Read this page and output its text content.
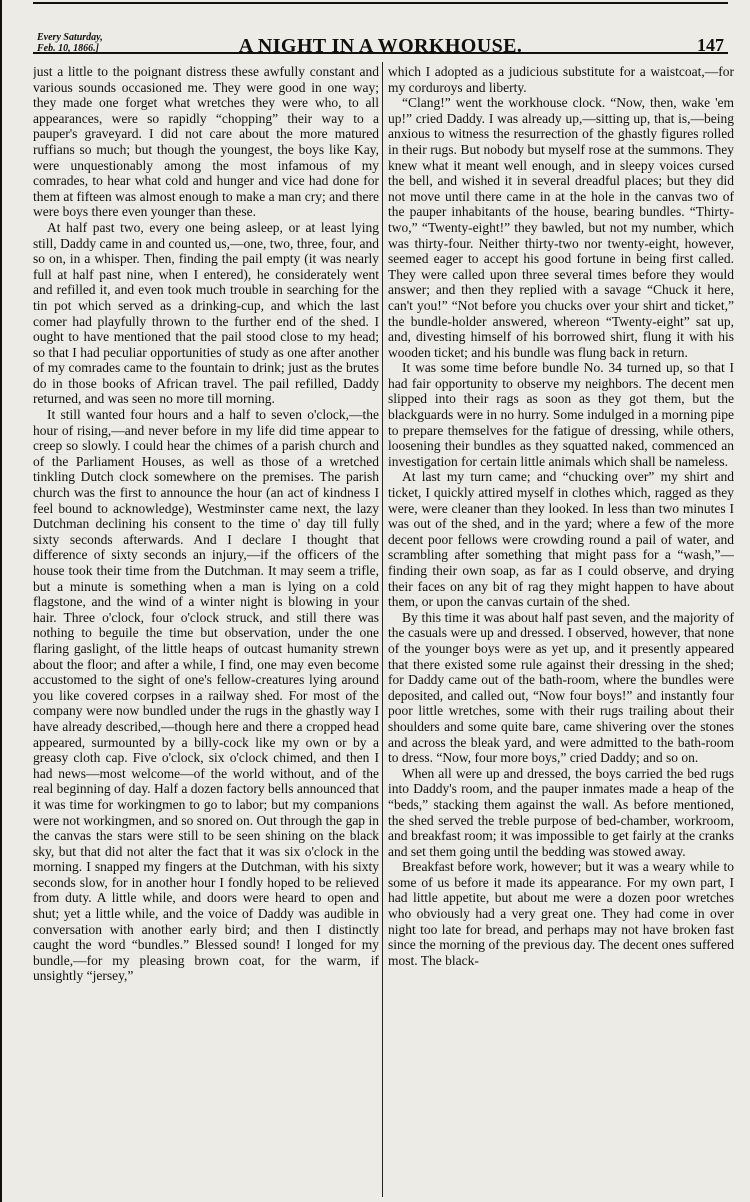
Every Saturday,
Feb. 10, 1866.]	A NIGHT IN A WORKHOUSE.	147

just a little to the poignant distress these awfully constant and various sounds occasioned me. They were good in one way; they made one forget what wretches they were who, to all appearances, were so rapidly “chopping” their way to a pauper's graveyard. I did not care about the more matured ruffians so much; but though the youngest, the boys like Kay, were unquestionably among the most infamous of my comrades, to hear what cold and hunger and vice had done for them at fifteen was almost enough to make a man cry; and there were boys there even younger than these.

At half past two, every one being asleep, or at least lying still, Daddy came in and counted us,—one, two, three, four, and so on, in a whisper. Then, finding the pail empty (it was nearly full at half past nine, when I entered), he considerately went and refilled it, and even took much trouble in searching for the tin pot which served as a drinking-cup, and which the last comer had playfully thrown to the further end of the shed. I ought to have mentioned that the pail stood close to my head; so that I had peculiar opportunities of study as one after another of my comrades came to the fountain to drink; just as the brutes do in those books of African travel. The pail refilled, Daddy returned, and was seen no more till morning.

It still wanted four hours and a half to seven o'clock,—the hour of rising,—and never before in my life did time appear to creep so slowly. I could hear the chimes of a parish church and of the Parliament Houses, as well as those of a wretched tinkling Dutch clock somewhere on the premises. The parish church was the first to announce the hour (an act of kindness I feel bound to acknowledge), Westminster came next, the lazy Dutchman declining his consent to the time o' day till fully sixty seconds afterwards. And I declare I thought that difference of sixty seconds an injury,—if the officers of the house took their time from the Dutchman. It may seem a trifle, but a minute is something when a man is lying on a cold flagstone, and the wind of a winter night is blowing in your hair. Three o'clock, four o'clock struck, and still there was nothing to beguile the time but observation, under the one flaring gaslight, of the little heaps of outcast humanity strewn about the floor; and after a while, I find, one may even become accustomed to the sight of one's fellow-creatures lying around you like covered corpses in a railway shed. For most of the company were now bundled under the rugs in the ghastly way I have already described,—though here and there a cropped head appeared, surmounted by a billy-cock like my own or by a greasy cloth cap. Five o'clock, six o'clock chimed, and then I had news—most welcome—of the world without, and of the real beginning of day. Half a dozen factory bells announced that it was time for workingmen to go to labor; but my companions were not workingmen, and so snored on. Out through the gap in the canvas the stars were still to be seen shining on the black sky, but that did not alter the fact that it was six o'clock in the morning. I snapped my fingers at the Dutchman, with his sixty seconds slow, for in another hour I fondly hoped to be relieved from duty. A little while, and doors were heard to open and shut; yet a little while, and the voice of Daddy was audible in conversation with another early bird; and then I distinctly caught the word “bundles.” Blessed sound! I longed for my bundle,—for my pleasing brown coat, for the warm, if unsightly “jersey,”

which I adopted as a judicious substitute for a waistcoat,—for my corduroys and liberty.

“Clang!” went the workhouse clock. “Now, then, wake 'em up!” cried Daddy. I was already up,—sitting up, that is,—being anxious to witness the resurrection of the ghastly figures rolled in their rugs. But nobody but myself rose at the summons. They knew what it meant well enough, and in sleepy voices cursed the bell, and wished it in several dreadful places; but they did not move until there came in at the hole in the canvas two of the pauper inhabitants of the house, bearing bundles. “Thirty-two,” “Twenty-eight!” they bawled, but not my number, which was thirty-four. Neither thirty-two nor twenty-eight, however, seemed eager to accept his good fortune in being first called. They were called upon three several times before they would answer; and then they replied with a savage “Chuck it here, can't you!” “Not before you chucks over your shirt and ticket,” the bundle-holder answered, whereon “Twenty-eight” sat up, and, divesting himself of his borrowed shirt, flung it with his wooden ticket; and his bundle was flung back in return.

It was some time before bundle No. 34 turned up, so that I had fair opportunity to observe my neighbors. The decent men slipped into their rags as soon as they got them, but the blackguards were in no hurry. Some indulged in a morning pipe to prepare themselves for the fatigue of dressing, while others, loosening their bundles as they squatted naked, commenced an investigation for certain little animals which shall be nameless.

At last my turn came; and “chucking over” my shirt and ticket, I quickly attired myself in clothes which, ragged as they were, were cleaner than they looked. In less than two minutes I was out of the shed, and in the yard; where a few of the more decent poor fellows were crowding round a pail of water, and scrambling after something that might pass for a “wash,”—finding their own soap, as far as I could observe, and drying their faces on any bit of rag they might happen to have about them, or upon the canvas curtain of the shed.

By this time it was about half past seven, and the majority of the casuals were up and dressed. I observed, however, that none of the younger boys were as yet up, and it presently appeared that there existed some rule against their dressing in the shed; for Daddy came out of the bath-room, where the bundles were deposited, and called out, “Now four boys!” and instantly four poor little wretches, some with their rugs trailing about their shoulders and some quite bare, came shivering over the stones and across the bleak yard, and were admitted to the bath-room to dress. “Now, four more boys,” cried Daddy; and so on.

When all were up and dressed, the boys carried the bed rugs into Daddy's room, and the pauper inmates made a heap of the “beds,” stacking them against the wall. As before mentioned, the shed served the treble purpose of bed-chamber, workroom, and breakfast room; it was impossible to get fairly at the cranks and set them going until the bedding was stowed away.

Breakfast before work, however; but it was a weary while to some of us before it made its appearance. For my own part, I had little appetite, but about me were a dozen poor wretches who obviously had a very great one. They had come in over night too late for bread, and perhaps may not have broken fast since the morning of the previous day. The decent ones suffered most. The black-
